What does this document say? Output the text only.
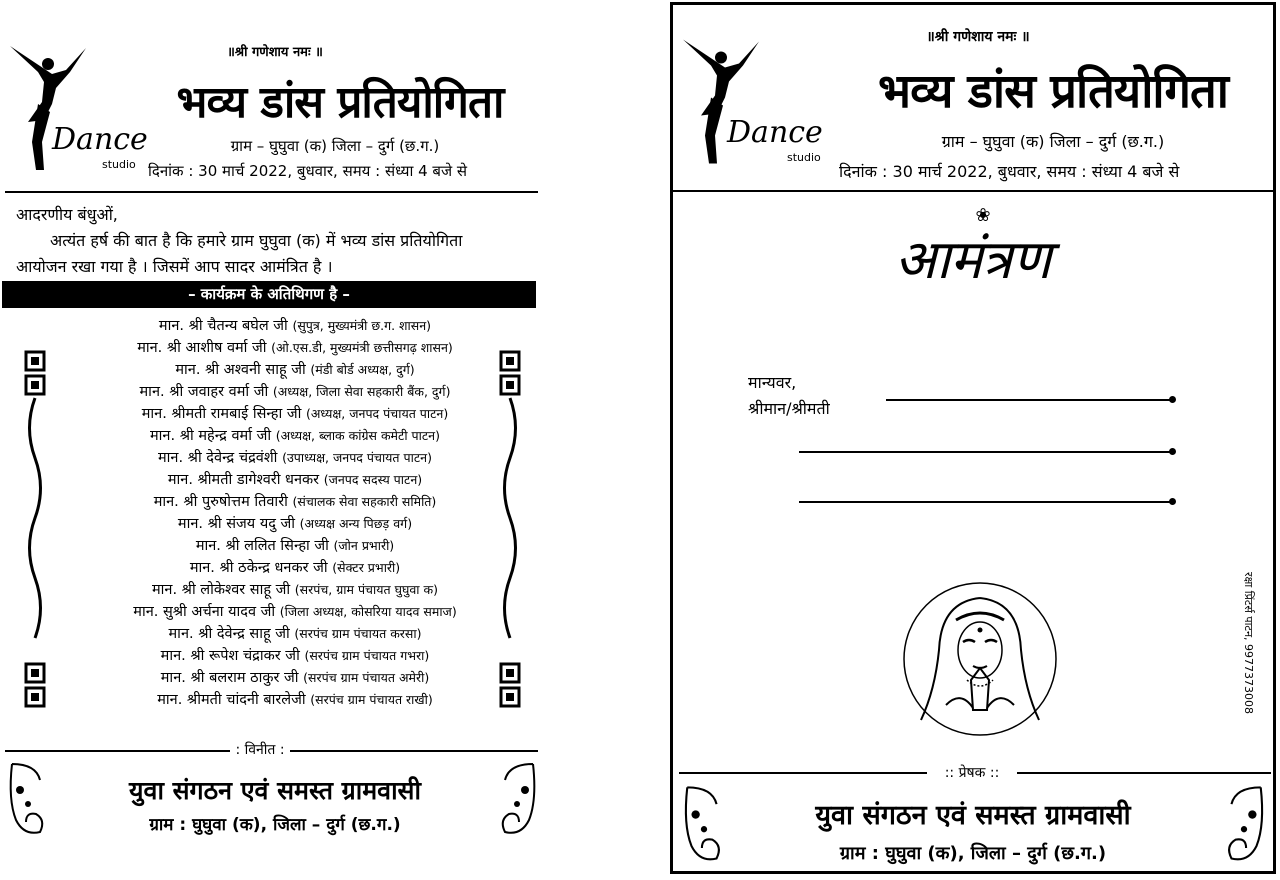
Dance
studio
॥श्री गणेशाय नमः ॥
भव्य डांस प्रतियोगिता
ग्राम – घुघुवा (क) जिला – दुर्ग (छ.ग.)
दिनांक : 30 मार्च 2022, बुधवार, समय : संध्या 4 बजे से
आदरणीय बंधुओं,
अत्यंत हर्ष की बात है कि हमारे ग्राम घुघुवा (क) में भव्य डांस प्रतियोगिता
आयोजन रखा गया है । जिसमें आप सादर आमंत्रित है ।
– कार्यक्रम के अतिथिगण है –
मान. श्री चैतन्य बघेल जी (सुपुत्र, मुख्यमंत्री छ.ग. शासन)
मान. श्री आशीष वर्मा जी (ओ.एस.डी, मुख्यमंत्री छत्तीसगढ़ शासन)
मान. श्री अश्वनी साहू जी (मंडी बोर्ड अध्यक्ष, दुर्ग)
मान. श्री जवाहर वर्मा जी (अध्यक्ष, जिला सेवा सहकारी बैंक, दुर्ग)
मान. श्रीमती रामबाई सिन्हा जी (अध्यक्ष, जनपद पंचायत पाटन)
मान. श्री महेन्द्र वर्मा जी (अध्यक्ष, ब्लाक कांग्रेस कमेटी पाटन)
मान. श्री देवेन्द्र चंद्रवंशी (उपाध्यक्ष, जनपद पंचायत पाटन)
मान. श्रीमती डागेश्वरी धनकर (जनपद सदस्य पाटन)
मान. श्री पुरुषोत्तम तिवारी (संचालक सेवा सहकारी समिति)
मान. श्री संजय यदु जी (अध्यक्ष अन्य पिछड़ वर्ग)
मान. श्री ललित सिन्हा जी (जोन प्रभारी)
मान. श्री ठकेन्द्र धनकर जी (सेक्टर प्रभारी)
मान. श्री लोकेश्वर साहू जी (सरपंच, ग्राम पंचायत घुघुवा क)
मान. सुश्री अर्चना यादव जी (जिला अध्यक्ष, कोसरिया यादव समाज)
मान. श्री देवेन्द्र साहू जी (सरपंच ग्राम पंचायत करसा)
मान. श्री रूपेश चंद्राकर जी (सरपंच ग्राम पंचायत गभरा)
मान. श्री बलराम ठाकुर जी (सरपंच ग्राम पंचायत अमेरी)
मान. श्रीमती चांदनी बारलेजी (सरपंच ग्राम पंचायत राखी)
: विनीत :
युवा संगठन एवं समस्त ग्रामवासी
ग्राम : घुघुवा (क), जिला – दुर्ग (छ.ग.)
Dance
studio
॥श्री गणेशाय नमः ॥
भव्य डांस प्रतियोगिता
ग्राम – घुघुवा (क) जिला – दुर्ग (छ.ग.)
दिनांक : 30 मार्च 2022, बुधवार, समय : संध्या 4 बजे से
❀
आमंत्रण
मान्यवर,
श्रीमान/श्रीमती
रक्षा प्रिंटर्स पाटन, 9977373008
:: प्रेषक ::
युवा संगठन एवं समस्त ग्रामवासी
ग्राम : घुघुवा (क), जिला – दुर्ग (छ.ग.)
